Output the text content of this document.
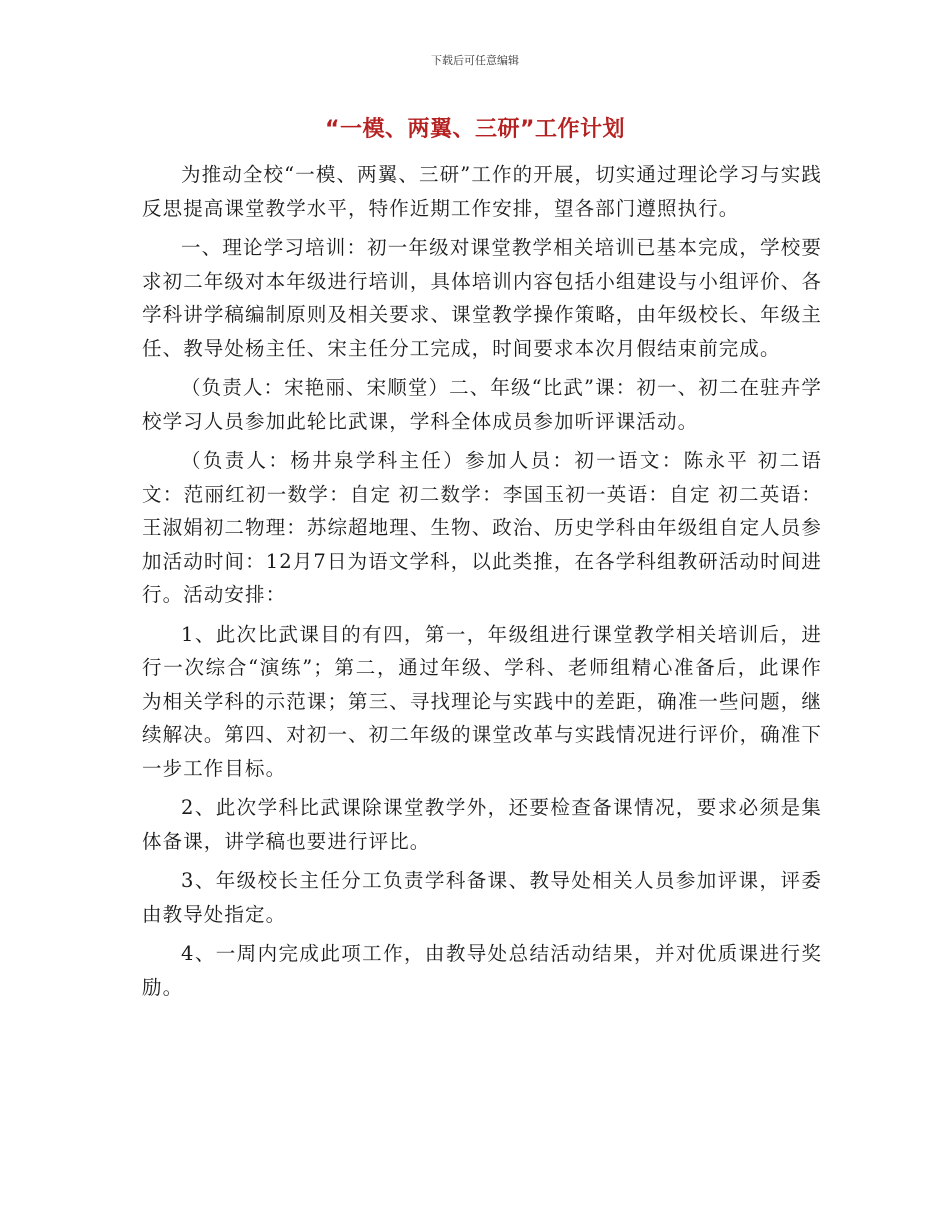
下载后可任意编辑
“一模、两翼、三研”工作计划

为推动全校“一模、两翼、三研”工作的开展，切实通过理论学习与实践反思提高课堂教学水平，特作近期工作安排，望各部门遵照执行。

一、理论学习培训：初一年级对课堂教学相关培训已基本完成，学校要求初二年级对本年级进行培训，具体培训内容包括小组建设与小组评价、各学科讲学稿编制原则及相关要求、课堂教学操作策略，由年级校长、年级主任、教导处杨主任、宋主任分工完成，时间要求本次月假结束前完成。

（负责人：宋艳丽、宋顺堂）二、年级“比武”课：初一、初二在驻卉学校学习人员参加此轮比武课，学科全体成员参加听评课活动。

（负责人：杨井泉学科主任）参加人员：初一语文：陈永平 初二语文：范丽红初一数学：自定 初二数学：李国玉初一英语：自定 初二英语：王淑娟初二物理：苏综超地理、生物、政治、历史学科由年级组自定人员参加活动时间：12月7日为语文学科，以此类推，在各学科组教研活动时间进行。活动安排：

1、此次比武课目的有四，第一，年级组进行课堂教学相关培训后，进行一次综合“演练”；第二，通过年级、学科、老师组精心准备后，此课作为相关学科的示范课；第三、寻找理论与实践中的差距，确准一些问题，继续解决。第四、对初一、初二年级的课堂改革与实践情况进行评价，确准下一步工作目标。

2、此次学科比武课除课堂教学外，还要检查备课情况，要求必须是集体备课，讲学稿也要进行评比。

3、年级校长主任分工负责学科备课、教导处相关人员参加评课，评委由教导处指定。

4、一周内完成此项工作，由教导处总结活动结果，并对优质课进行奖励。
